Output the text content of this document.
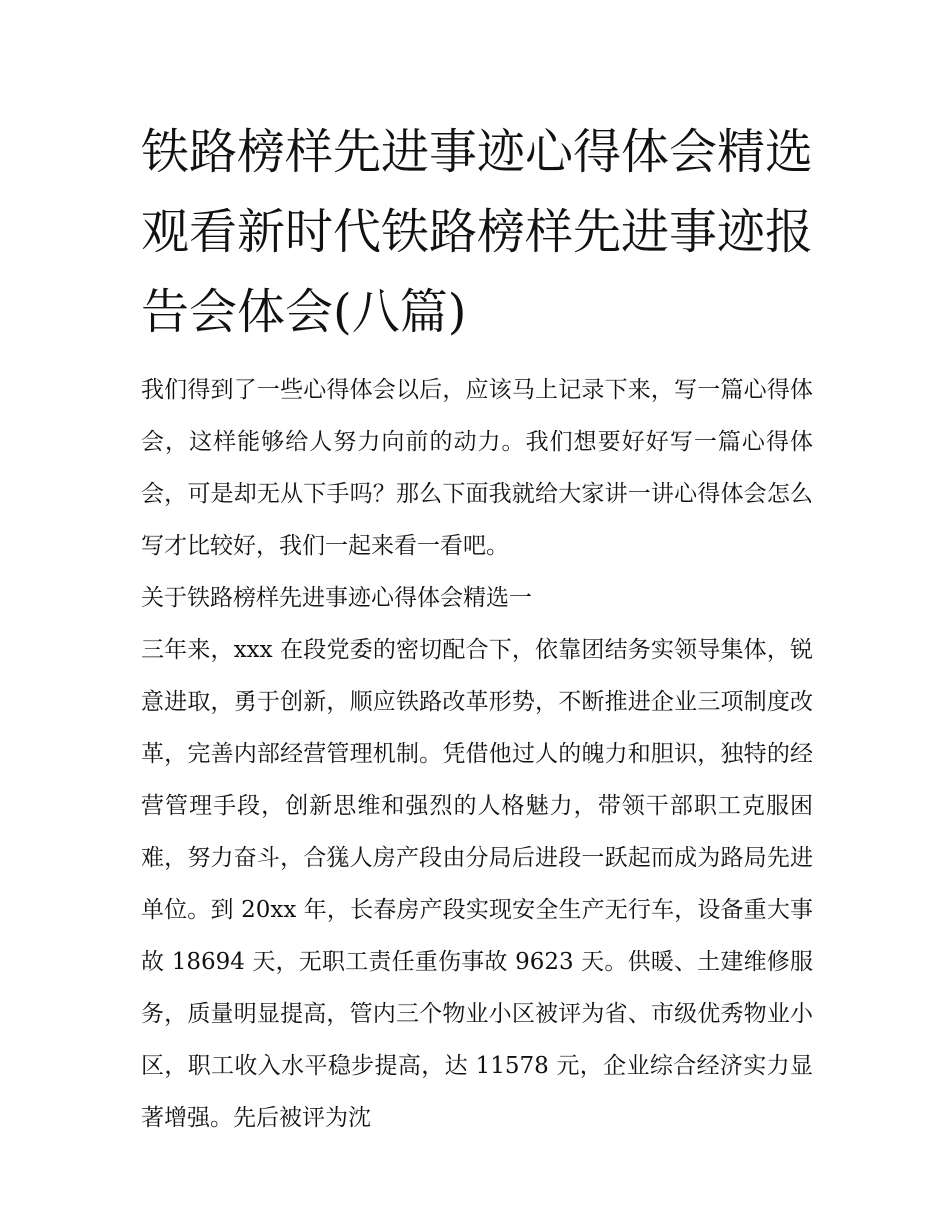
铁路榜样先进事迹心得体会精选 观看新时代铁路榜样先进事迹报告会体会(八篇)

我们得到了一些心得体会以后，应该马上记录下来，写一篇心得体会，这样能够给人努力向前的动力。我们想要好好写一篇心得体会，可是却无从下手吗？那么下面我就给大家讲一讲心得体会怎么写才比较好，我们一起来看一看吧。

关于铁路榜样先进事迹心得体会精选一

三年来，xxx 在段党委的密切配合下，依靠团结务实领导集体，锐意进取，勇于创新，顺应铁路改革形势，不断推进企业三项制度改革，完善内部经营管理机制。凭借他过人的魄力和胆识，独特的经营管理手段，创新思维和强烈的人格魅力，带领干部职工克服困难，努力奋斗，合獇人房产段由分局后进段一跃起而成为路局先进单位。到 20xx 年，长春房产段实现安全生产无行车，设备重大事故 18694 天，无职工责任重伤事故 9623 天。供暖、土建维修服务，质量明显提高，管内三个物业小区被评为省、市级优秀物业小区，职工收入水平稳步提高，达 11578 元，企业综合经济实力显著增强。先后被评为沈
